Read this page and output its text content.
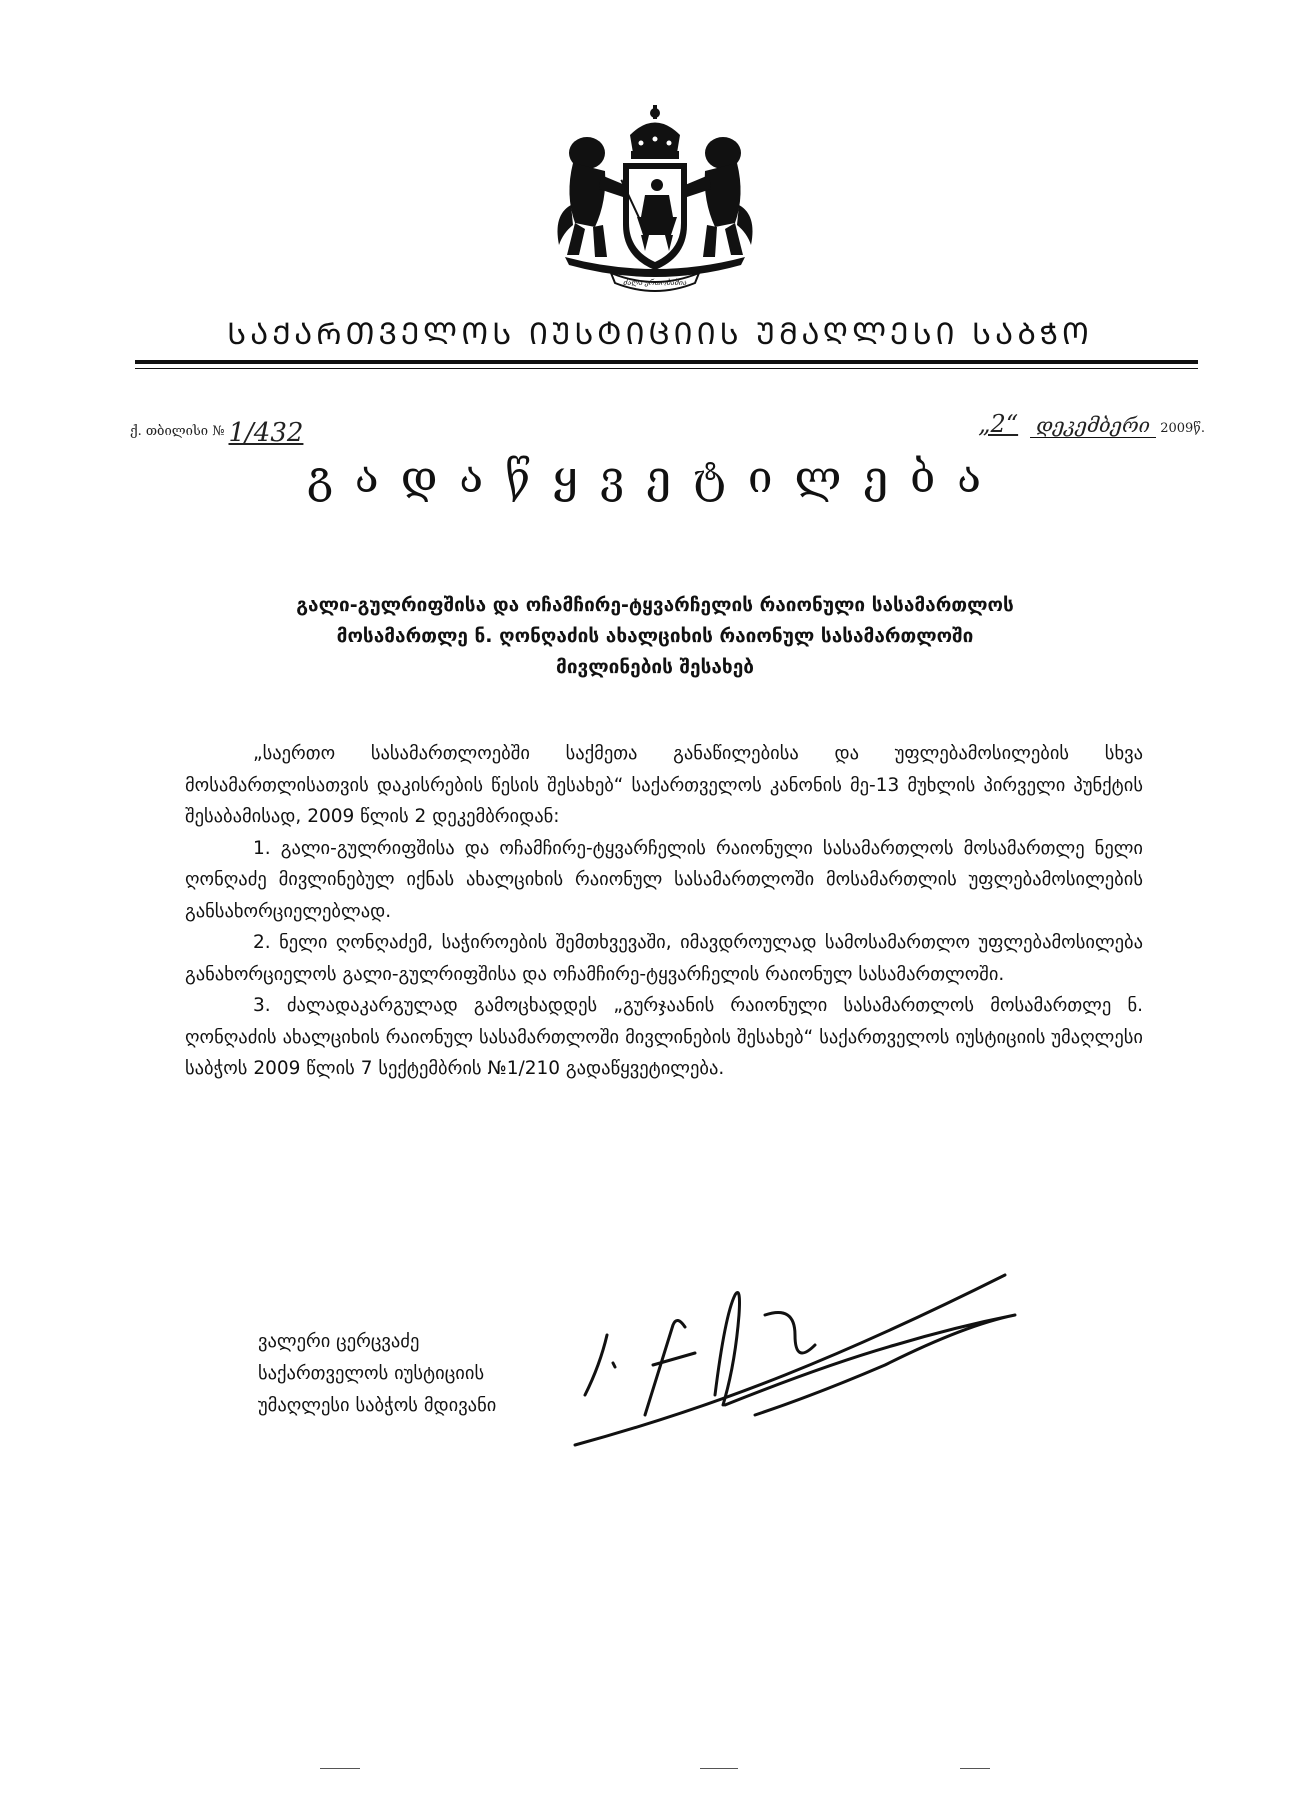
ძალა ერთობაშია
ᲡᲐᲥᲐᲠᲗᲕᲔᲚᲝᲡ ᲘᲣᲡᲢᲘᲪᲘᲘᲡ ᲣᲛᲐᲦᲚᲔᲡᲘ ᲡᲐᲑᲭᲝ
ქ. თბილისი № 1/432	„2“ დეკემბერი 2009წ.
გადაწყვეტილება
გალი-გულრიფშისა და ოჩამჩირე-ტყვარჩელის რაიონული სასამართლოს
მოსამართლე ნ. ღონღაძის ახალციხის რაიონულ სასამართლოში
მივლინების შესახებ

„საერთო სასამართლოებში საქმეთა განაწილებისა და უფლებამოსილების სხვა მოსამართლისათვის დაკისრების წესის შესახებ“ საქართველოს კანონის მე-13 მუხლის პირველი პუნქტის შესაბამისად, 2009 წლის 2 დეკემბრიდან:

1. გალი-გულრიფშისა და ოჩამჩირე-ტყვარჩელის რაიონული სასამართლოს მოსამართლე ნელი ღონღაძე მივლინებულ იქნას ახალციხის რაიონულ სასამართლოში მოსამართლის უფლებამოსილების განსახორციელებლად.

2. ნელი ღონღაძემ, საჭიროების შემთხვევაში, იმავდროულად სამოსამართლო უფლებამოსილება განახორციელოს გალი-გულრიფშისა და ოჩამჩირე-ტყვარჩელის რაიონულ სასამართლოში.

3. ძალადაკარგულად გამოცხადდეს „გურჯაანის რაიონული სასამართლოს მოსამართლე ნ. ღონღაძის ახალციხის რაიონულ სასამართლოში მივლინების შესახებ“ საქართველოს იუსტიციის უმაღლესი საბჭოს 2009 წლის 7 სექტემბრის №1/210 გადაწყვეტილება.

ვალერი ცერცვაძე
საქართველოს იუსტიციის
უმაღლესი საბჭოს მდივანი
